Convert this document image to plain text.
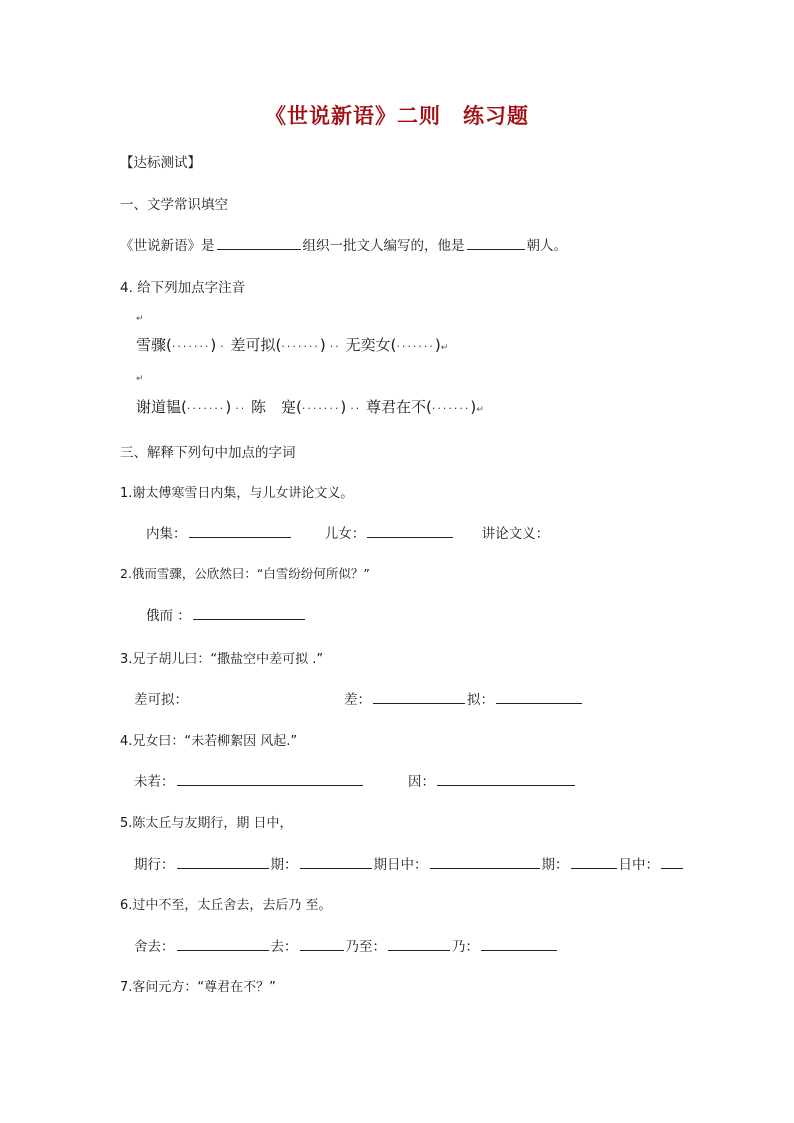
《世说新语》二则　练习题
【达标测试】
一、文学常识填空
《世说新语》是	组织一批文人编写的，他是	朝人。
4. 给下列加点字注音
↵
雪骤(·······) · 差可拟(·······) ·· 无奕女(·······)↵
↵
谢道韫(·······) ·· 陈　寔(·······) ·· 尊君在不(·······)↵
三、解释下列句中加点的字词
1.谢太傅寒雪日内集，与儿女讲论文义。
内集：	儿女：	讲论文义：
2.俄而雪骤，公欣然曰：“白雪纷纷何所似？”
俄而 ：
3.兄子胡儿曰：“撒盐空中差可拟 .”
差可拟：	差：	拟：
4.兄女曰：“未若柳絮因 风起.”
未若：	因：
5.陈太丘与友期行，期 日中，
期行：	期：	期日中：	期：	日中：
6.过中不至，太丘舍去，去后乃 至。
舍去：	去：	乃至：	乃：
7.客问元方：“尊君在不？”
